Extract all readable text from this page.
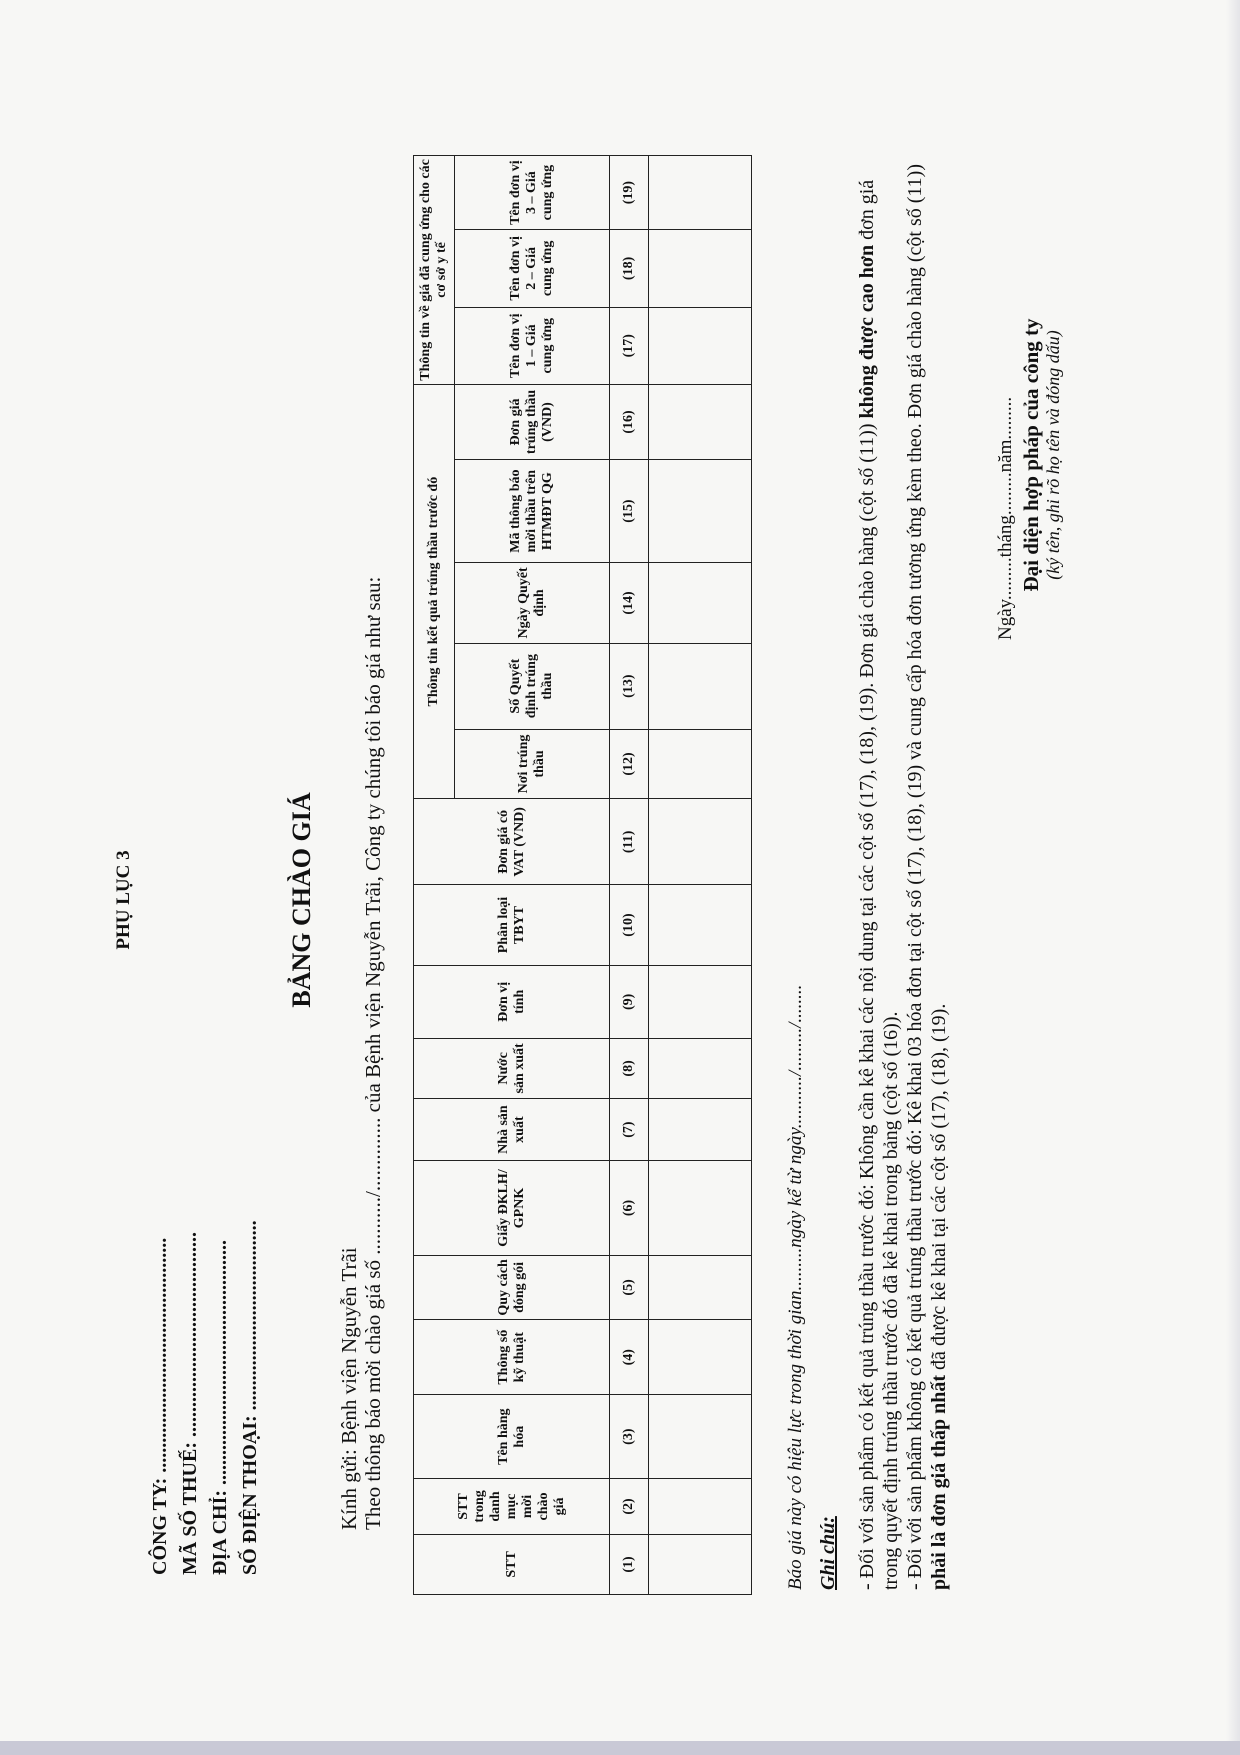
PHỤ LỤC 3
CÔNG TY: ............................................... MÃ SỐ THUẾ: ......................................... ĐỊA CHỈ: ................................................. SỐ ĐIỆN THOẠI: ......................................
BẢNG CHÀO GIÁ
Kính gửi: Bệnh viện Nguyễn Trãi Theo thông báo mời chào giá số .........../.............. của Bệnh viện Nguyễn Trãi, Công ty chúng tôi báo giá như sau:
STT	STT trong danh mục mời chào giá	Tên hàng hóa	Thông số kỹ thuật	Quy cách đóng gói	Giấy ĐKLH/ GPNK	Nhà sản xuất	Nước sản xuất	Đơn vị tính	Phân loại TBYT	Đơn giá có VAT (VND)	Thông tin kết quả trúng thầu trước đó					Thông tin về giá đã cung ứng cho các cơ sở y tế		
											Nơi trúng thầu	Số Quyết định trúng thầu	Ngày Quyết định	Mã thông báo mời thầu trên HTMĐT QG	Đơn giá trúng thầu (VND)	Tên đơn vị 1 – Giá cung ứng	Tên đơn vị 2 – Giá cung ứng	Tên đơn vị 3 – Giá cung ứng
(1)	(2)	(3)	(4)	(5)	(6)	(7)	(8)	(9)	(10)	(11)	(12)	(13)	(14)	(15)	(16)	(17)	(18)	(19)

Báo giá này có hiệu lực trong thời gian.........ngày kể từ ngày.........../........./........ Ghi chú: - Đối với sản phẩm có kết quả trúng thầu trước đó: Không cần kê khai các nội dung tại các cột số (17), (18), (19). Đơn giá chào hàng (cột số (11)) không được cao hơn đơn giá trong quyết định trúng thầu trước đó đã kê khai trong bảng (cột số (16)). - Đối với sản phẩm không có kết quả trúng thầu trước đó: Kê khai 03 hóa đơn tại cột số (17), (18), (19) và cung cấp hóa đơn tương ứng kèm theo. Đơn giá chào hàng (cột số (11)) phải là đơn giá thấp nhất đã được kê khai tại các cột số (17), (18), (19).
Ngày.........tháng.........năm......... Đại diện hợp pháp của công ty (ký tên, ghi rõ họ tên và đóng dấu)
